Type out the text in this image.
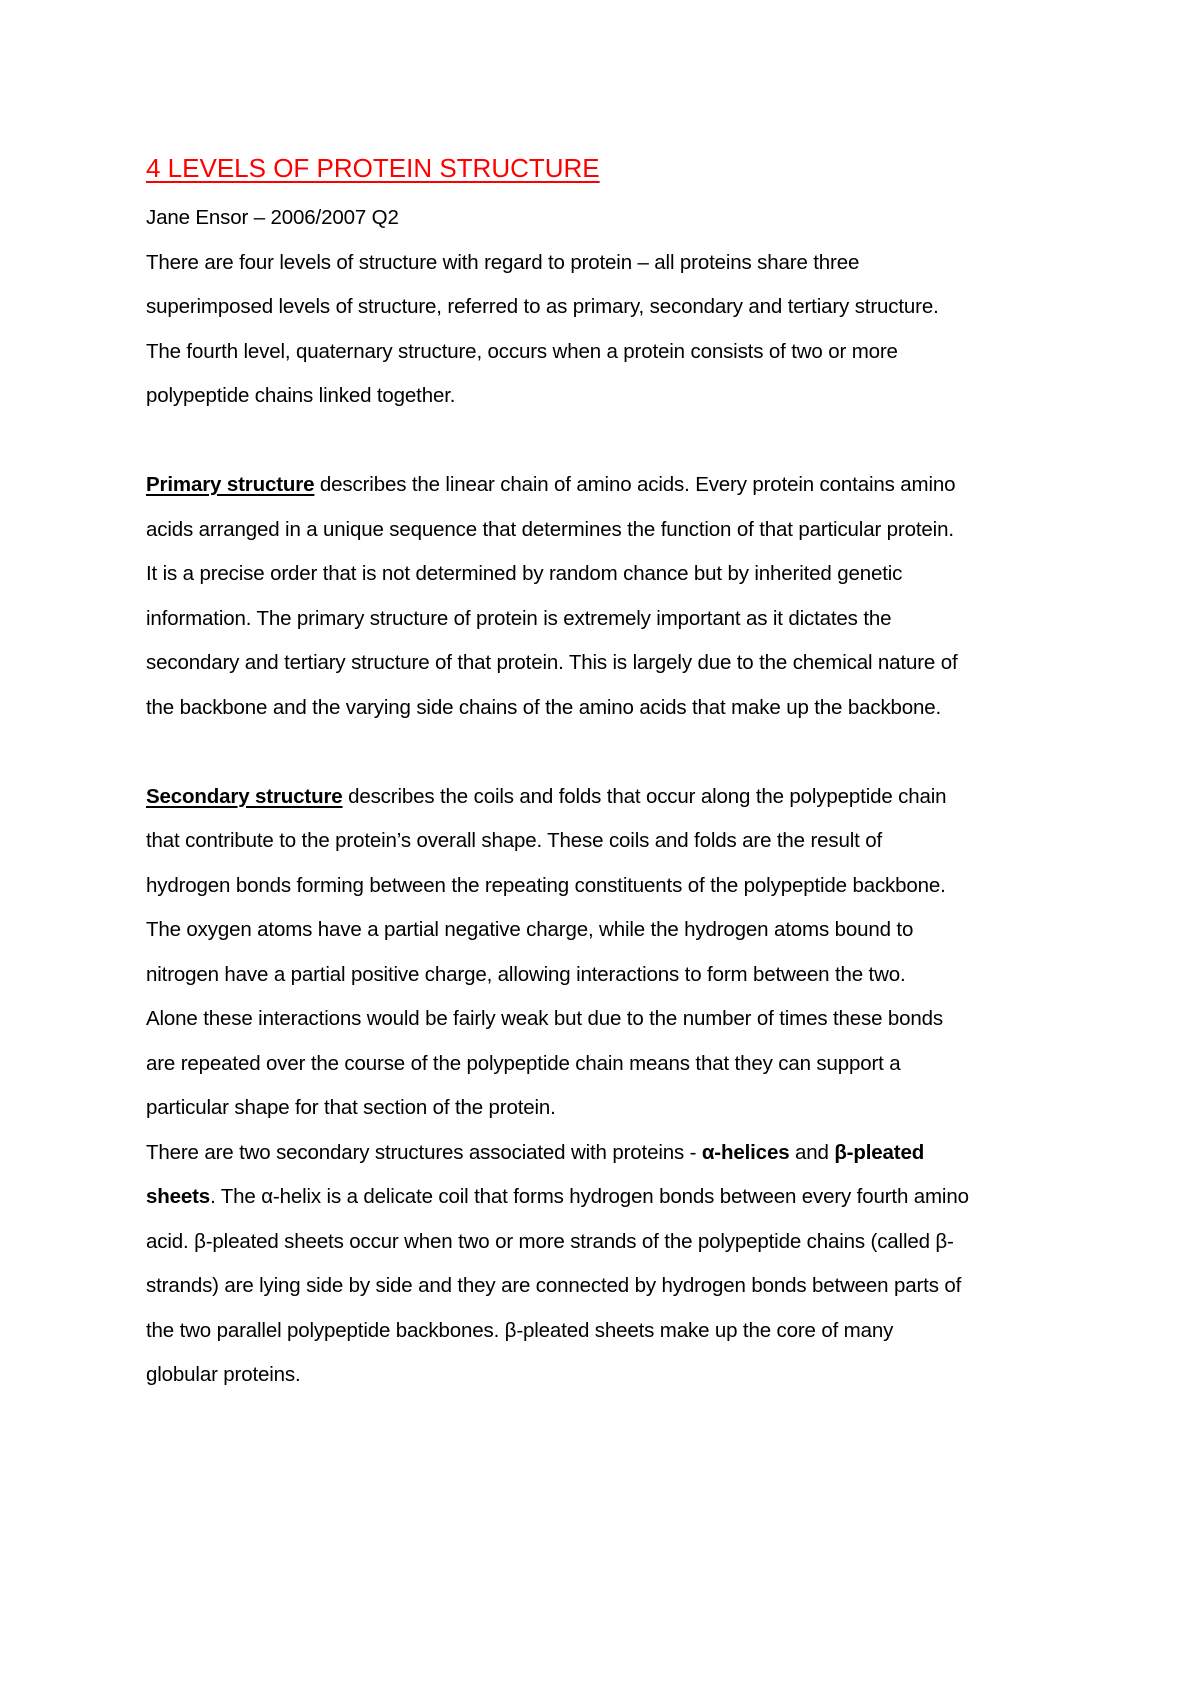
4 LEVELS OF PROTEIN STRUCTURE
Jane Ensor – 2006/2007 Q2
There are four levels of structure with regard to protein – all proteins share three
superimposed levels of structure, referred to as primary, secondary and tertiary structure.
The fourth level, quaternary structure, occurs when a protein consists of two or more
polypeptide chains linked together.
Primary structure describes the linear chain of amino acids. Every protein contains amino
acids arranged in a unique sequence that determines the function of that particular protein.
It is a precise order that is not determined by random chance but by inherited genetic
information. The primary structure of protein is extremely important as it dictates the
secondary and tertiary structure of that protein. This is largely due to the chemical nature of
the backbone and the varying side chains of the amino acids that make up the backbone.
Secondary structure describes the coils and folds that occur along the polypeptide chain
that contribute to the protein’s overall shape. These coils and folds are the result of
hydrogen bonds forming between the repeating constituents of the polypeptide backbone.
The oxygen atoms have a partial negative charge, while the hydrogen atoms bound to
nitrogen have a partial positive charge, allowing interactions to form between the two.
Alone these interactions would be fairly weak but due to the number of times these bonds
are repeated over the course of the polypeptide chain means that they can support a
particular shape for that section of the protein.
There are two secondary structures associated with proteins - α-helices and β-pleated
sheets. The α-helix is a delicate coil that forms hydrogen bonds between every fourth amino
acid. β-pleated sheets occur when two or more strands of the polypeptide chains (called β-
strands) are lying side by side and they are connected by hydrogen bonds between parts of
the two parallel polypeptide backbones. β-pleated sheets make up the core of many
globular proteins.
